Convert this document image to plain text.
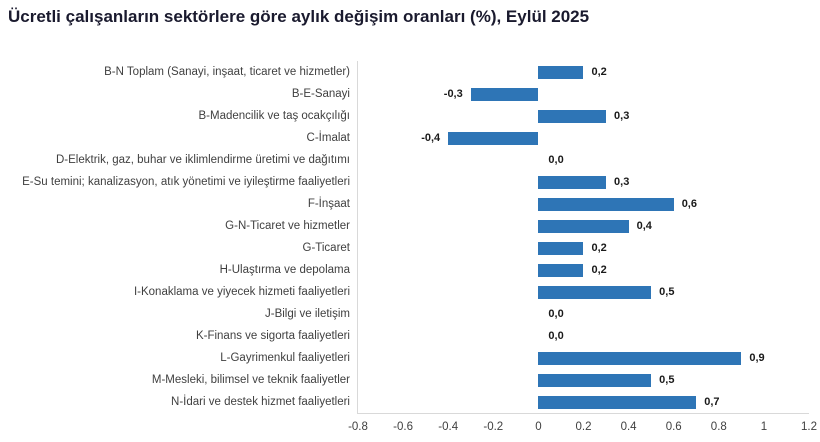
Ücretli çalışanların sektörlere göre aylık değişim oranları (%), Eylül 2025
B-N Toplam (Sanayi, inşaat, ticaret ve hizmetler)
B-E-Sanayi
B-Madencilik ve taş ocakçılığı
C-İmalat
D-Elektrik, gaz, buhar ve iklimlendirme üretimi ve dağıtımı
E-Su temini; kanalizasyon, atık yönetimi ve iyileştirme faaliyetleri
F-İnşaat
G-N-Ticaret ve hizmetler
G-Ticaret
H-Ulaştırma ve depolama
I-Konaklama ve yiyecek hizmeti faaliyetleri
J-Bilgi ve iletişim
K-Finans ve sigorta faaliyetleri
L-Gayrimenkul faaliyetleri
M-Mesleki, bilimsel ve teknik faaliyetler
N-İdari ve destek hizmet faaliyetleri
0,2
-0,3
0,3
-0,4
0,0
0,3
0,6
0,4
0,2
0,2
0,5
0,0
0,0
0,9
0,5
0,7
-0.8 -0.6 -0.4 -0.2	0	0.2	0.4	0.6	0.8	1	1.2
